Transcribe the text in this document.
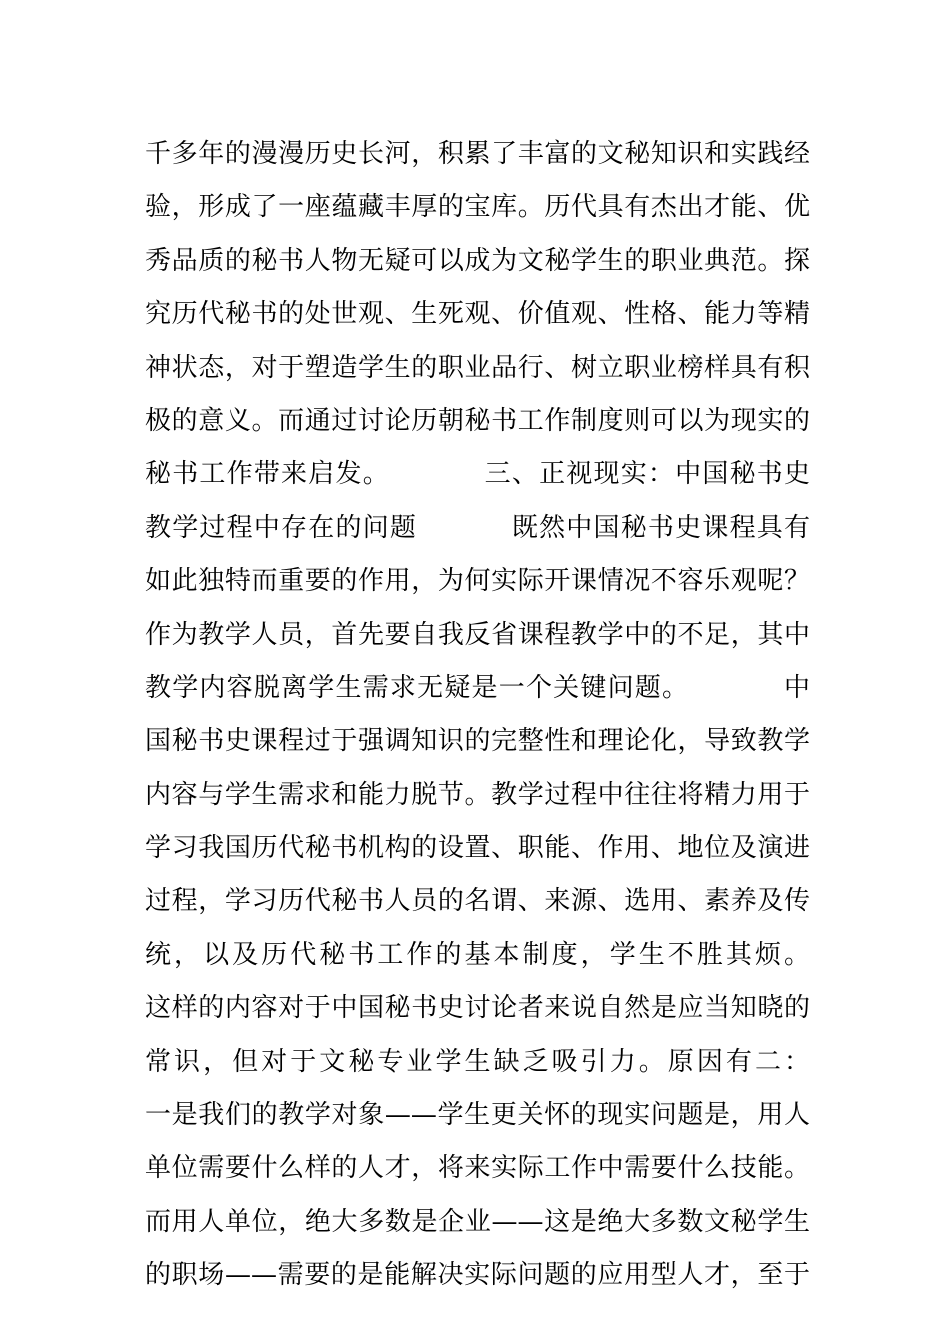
千多年的漫漫历史长河，积累了丰富的文秘知识和实践经
验，形成了一座蕴藏丰厚的宝库。历代具有杰出才能、优
秀品质的秘书人物无疑可以成为文秘学生的职业典范。探
究历代秘书的处世观、生死观、价值观、性格、能力等精
神状态，对于塑造学生的职业品行、树立职业榜样具有积
极的意义。而通过讨论历朝秘书工作制度则可以为现实的
秘书工作带来启发。          三、正视现实：中国秘书史
教学过程中存在的问题          既然中国秘书史课程具有
如此独特而重要的作用，为何实际开课情况不容乐观呢？
作为教学人员，首先要自我反省课程教学中的不足，其中
教学内容脱离学生需求无疑是一个关键问题。          中
国秘书史课程过于强调知识的完整性和理论化，导致教学
内容与学生需求和能力脱节。教学过程中往往将精力用于
学习我国历代秘书机构的设置、职能、作用、地位及演进
过程，学习历代秘书人员的名谓、来源、选用、素养及传
统，以及历代秘书工作的基本制度，学生不胜其烦。
这样的内容对于中国秘书史讨论者来说自然是应当知晓的
常识，但对于文秘专业学生缺乏吸引力。原因有二：
一是我们的教学对象——学生更关怀的现实问题是，用人
单位需要什么样的人才，将来实际工作中需要什么技能。
而用人单位，绝大多数是企业——这是绝大多数文秘学生
的职场——需要的是能解决实际问题的应用型人才，至于
